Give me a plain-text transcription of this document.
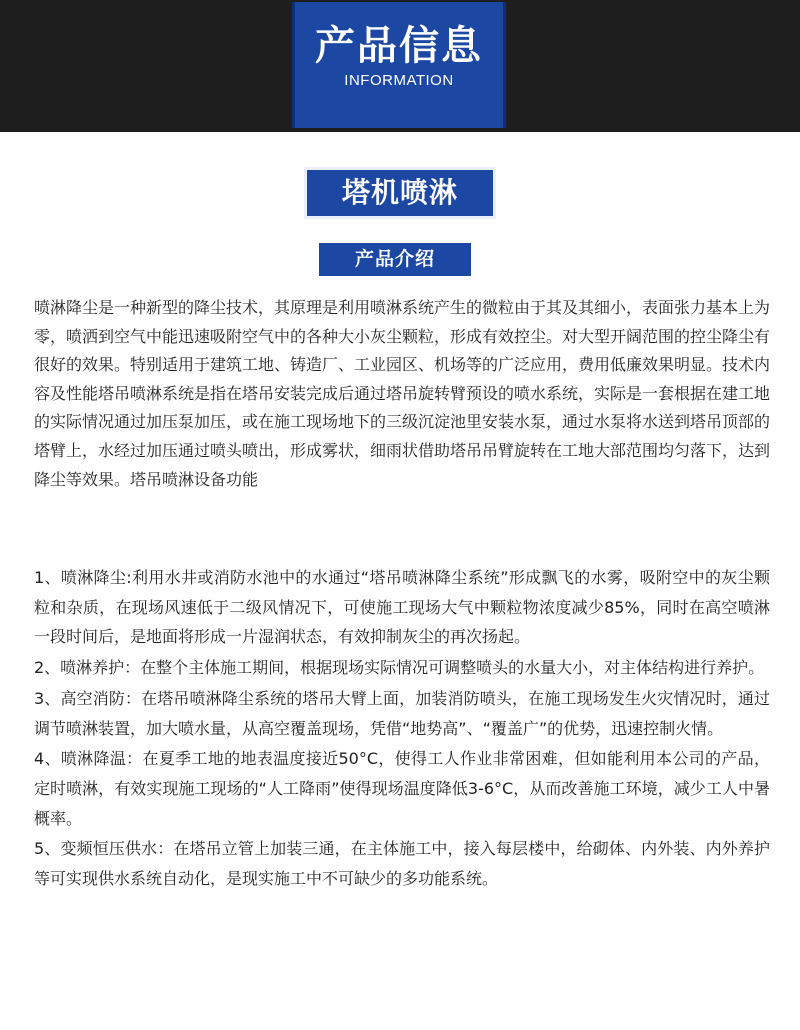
产品信息
INFORMATION
塔机喷淋
产品介绍

喷淋降尘是一种新型的降尘技术，其原理是利用喷淋系统产生的微粒由于其及其细小，表面张力基本上为零，喷洒到空气中能迅速吸附空气中的各种大小灰尘颗粒，形成有效控尘。对大型开阔范围的控尘降尘有很好的效果。特别适用于建筑工地、铸造厂、工业园区、机场等的广泛应用，费用低廉效果明显。技术内容及性能塔吊喷淋系统是指在塔吊安装完成后通过塔吊旋转臂预设的喷水系统，实际是一套根据在建工地的实际情况通过加压泵加压，或在施工现场地下的三级沉淀池里安装水泵，通过水泵将水送到塔吊顶部的塔臂上，水经过加压通过喷头喷出，形成雾状，细雨状借助塔吊吊臂旋转在工地大部范围均匀落下，达到降尘等效果。塔吊喷淋设备功能

1、喷淋降尘:利用水井或消防水池中的水通过“塔吊喷淋降尘系统”形成飘飞的水雾，吸附空中的灰尘颗粒和杂质，在现场风速低于二级风情况下，可使施工现场大气中颗粒物浓度减少85%，同时在高空喷淋一段时间后，是地面将形成一片湿润状态，有效抑制灰尘的再次扬起。
2、喷淋养护：在整个主体施工期间，根据现场实际情况可调整喷头的水量大小，对主体结构进行养护。
3、高空消防：在塔吊喷淋降尘系统的塔吊大臂上面，加装消防喷头，在施工现场发生火灾情况时，通过调节喷淋装置，加大喷水量，从高空覆盖现场，凭借“地势高”、“覆盖广”的优势，迅速控制火情。
4、喷淋降温：在夏季工地的地表温度接近50°C，使得工人作业非常困难，但如能利用本公司的产品，定时喷淋，有效实现施工现场的“人工降雨”使得现场温度降低3-6°C，从而改善施工环境，减少工人中暑概率。
5、变频恒压供水：在塔吊立管上加装三通，在主体施工中，接入每层楼中，给砌体、内外装、内外养护等可实现供水系统自动化，是现实施工中不可缺少的多功能系统。
